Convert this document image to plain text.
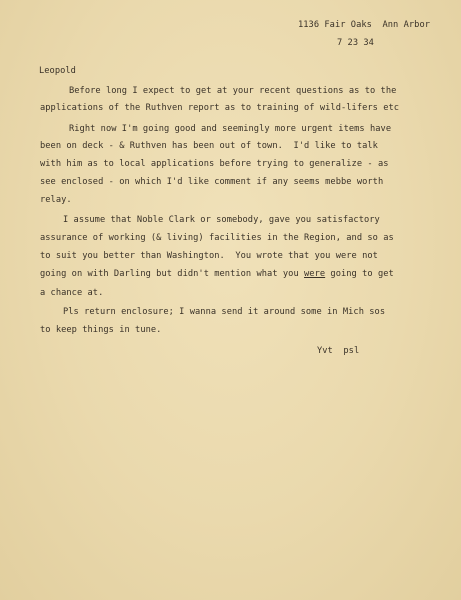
1136 Fair Oaks  Ann Arbor
7 23 34
Leopold
Before long I expect to get at your recent questions as to the
applications of the Ruthven report as to training of wild-lifers etc
Right now I'm going good and seemingly more urgent items have
been on deck - & Ruthven has been out of town.  I'd like to talk
with him as to local applications before trying to generalize - as
see enclosed - on which I'd like comment if any seems mebbe worth
relay.
I assume that Noble Clark or somebody, gave you satisfactory
assurance of working (& living) facilities in the Region, and so as
to suit you better than Washington.  You wrote that you were not
going on with Darling but didn't mention what you were going to get
a chance at.
Pls return enclosure; I wanna send it around some in Mich sos
to keep things in tune.
Yvt  psl
